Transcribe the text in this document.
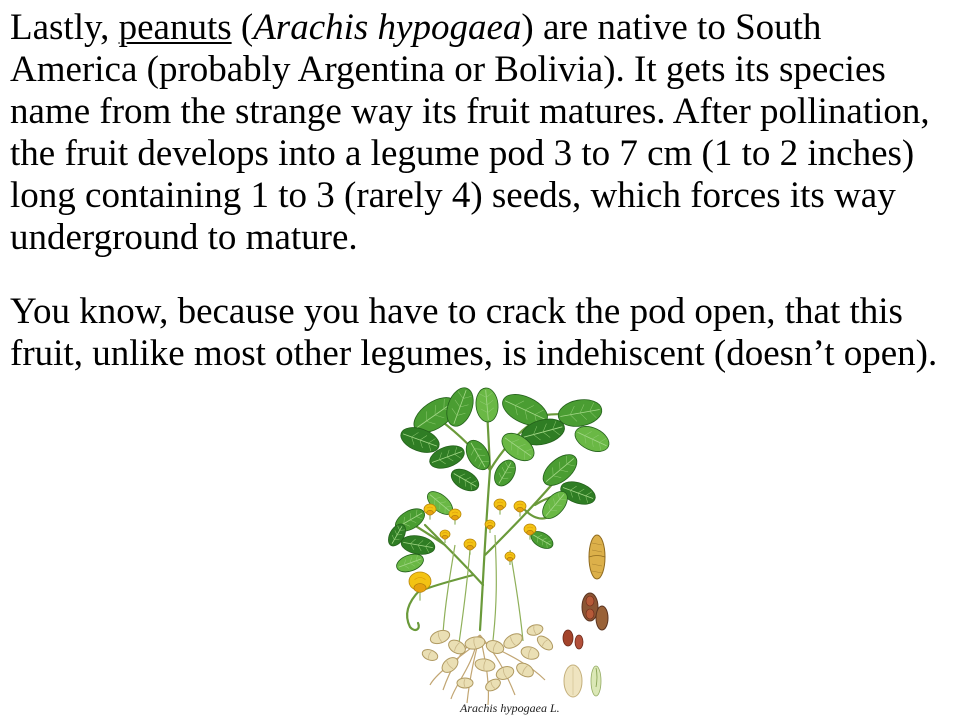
Lastly, peanuts (Arachis hypogaea) are native to South
America (probably Argentina or Bolivia). It gets its species
name from the strange way its fruit matures. After pollination,
the fruit develops into a legume pod 3 to 7 cm (1 to 2 inches)
long containing 1 to 3 (rarely 4) seeds, which forces its way
underground to mature.
You know, because you have to crack the pod open, that this
fruit, unlike most other legumes, is indehiscent (doesn’t open).
Arachis hypogaea L.
